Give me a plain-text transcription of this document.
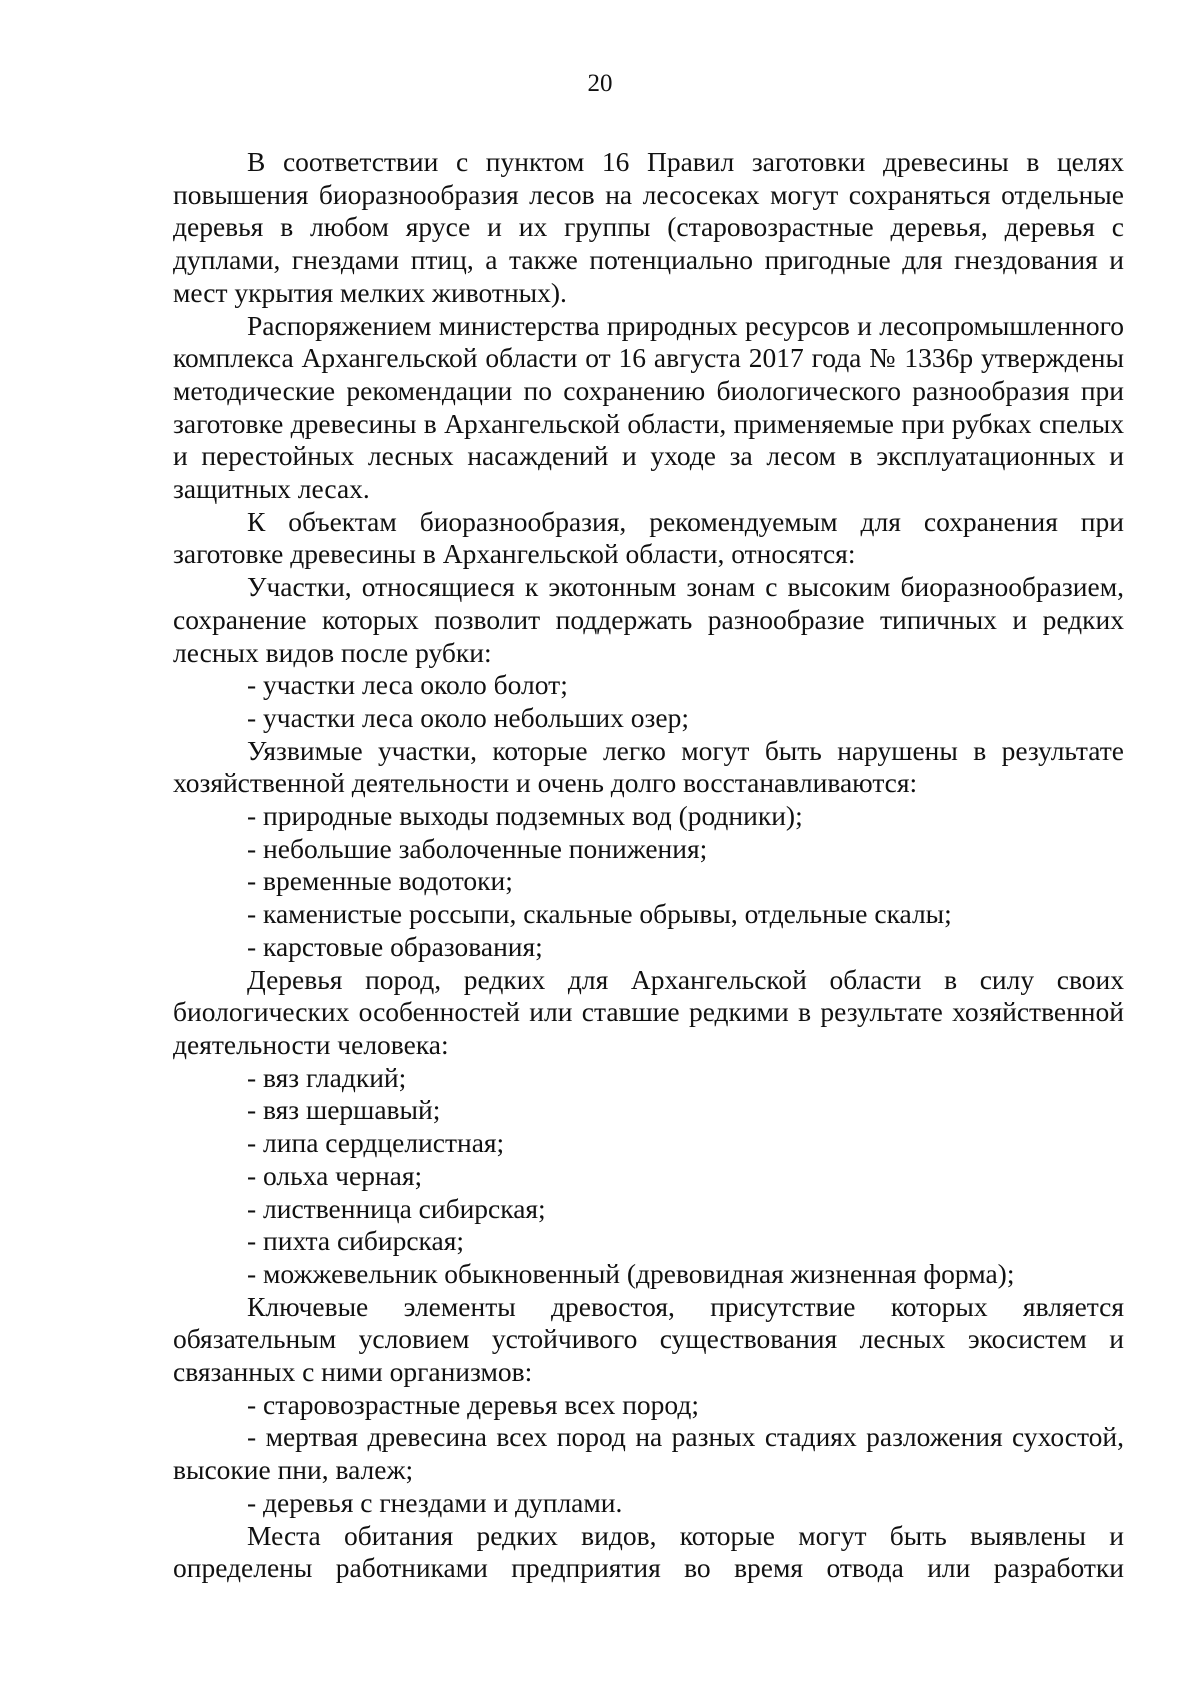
20

В соответствии с пунктом 16 Правил заготовки древесины в целях повышения биоразнообразия лесов на лесосеках могут сохраняться отдельные деревья в любом ярусе и их группы (старовозрастные деревья, деревья с дуплами, гнездами птиц, а также потенциально пригодные для гнездования и мест укрытия мелких животных).

Распоряжением министерства природных ресурсов и лесопромышленного комплекса Архангельской области от 16 августа 2017 года № 1336р утверждены методические рекомендации по сохранению биологического разнообразия при заготовке древесины в Архангельской области, применяемые при рубках спелых и перестойных лесных насаждений и уходе за лесом в эксплуатационных и защитных лесах.

К объектам биоразнообразия, рекомендуемым для сохранения при заготовке древесины в Архангельской области, относятся:

Участки, относящиеся к экотонным зонам с высоким биоразнообразием, сохранение которых позволит поддержать разнообразие типичных и редких лесных видов после рубки:

- участки леса около болот;

- участки леса около небольших озер;

Уязвимые участки, которые легко могут быть нарушены в результате хозяйственной деятельности и очень долго восстанавливаются:

- природные выходы подземных вод (родники);

- небольшие заболоченные понижения;

- временные водотоки;

- каменистые россыпи, скальные обрывы, отдельные скалы;

- карстовые образования;

Деревья пород, редких для Архангельской области в силу своих биологических особенностей или ставшие редкими в результате хозяйственной деятельности человека:

- вяз гладкий;

- вяз шершавый;

- липа сердцелистная;

- ольха черная;

- лиственница сибирская;

- пихта сибирская;

- можжевельник обыкновенный (древовидная жизненная форма);

Ключевые элементы древостоя, присутствие которых является обязательным условием устойчивого существования лесных экосистем и связанных с ними организмов:

- старовозрастные деревья всех пород;

- мертвая древесина всех пород на разных стадиях разложения сухостой, высокие пни, валеж;

- деревья с гнездами и дуплами.

Места обитания редких видов, которые могут быть выявлены и определены работниками предприятия во время отвода или разработки
